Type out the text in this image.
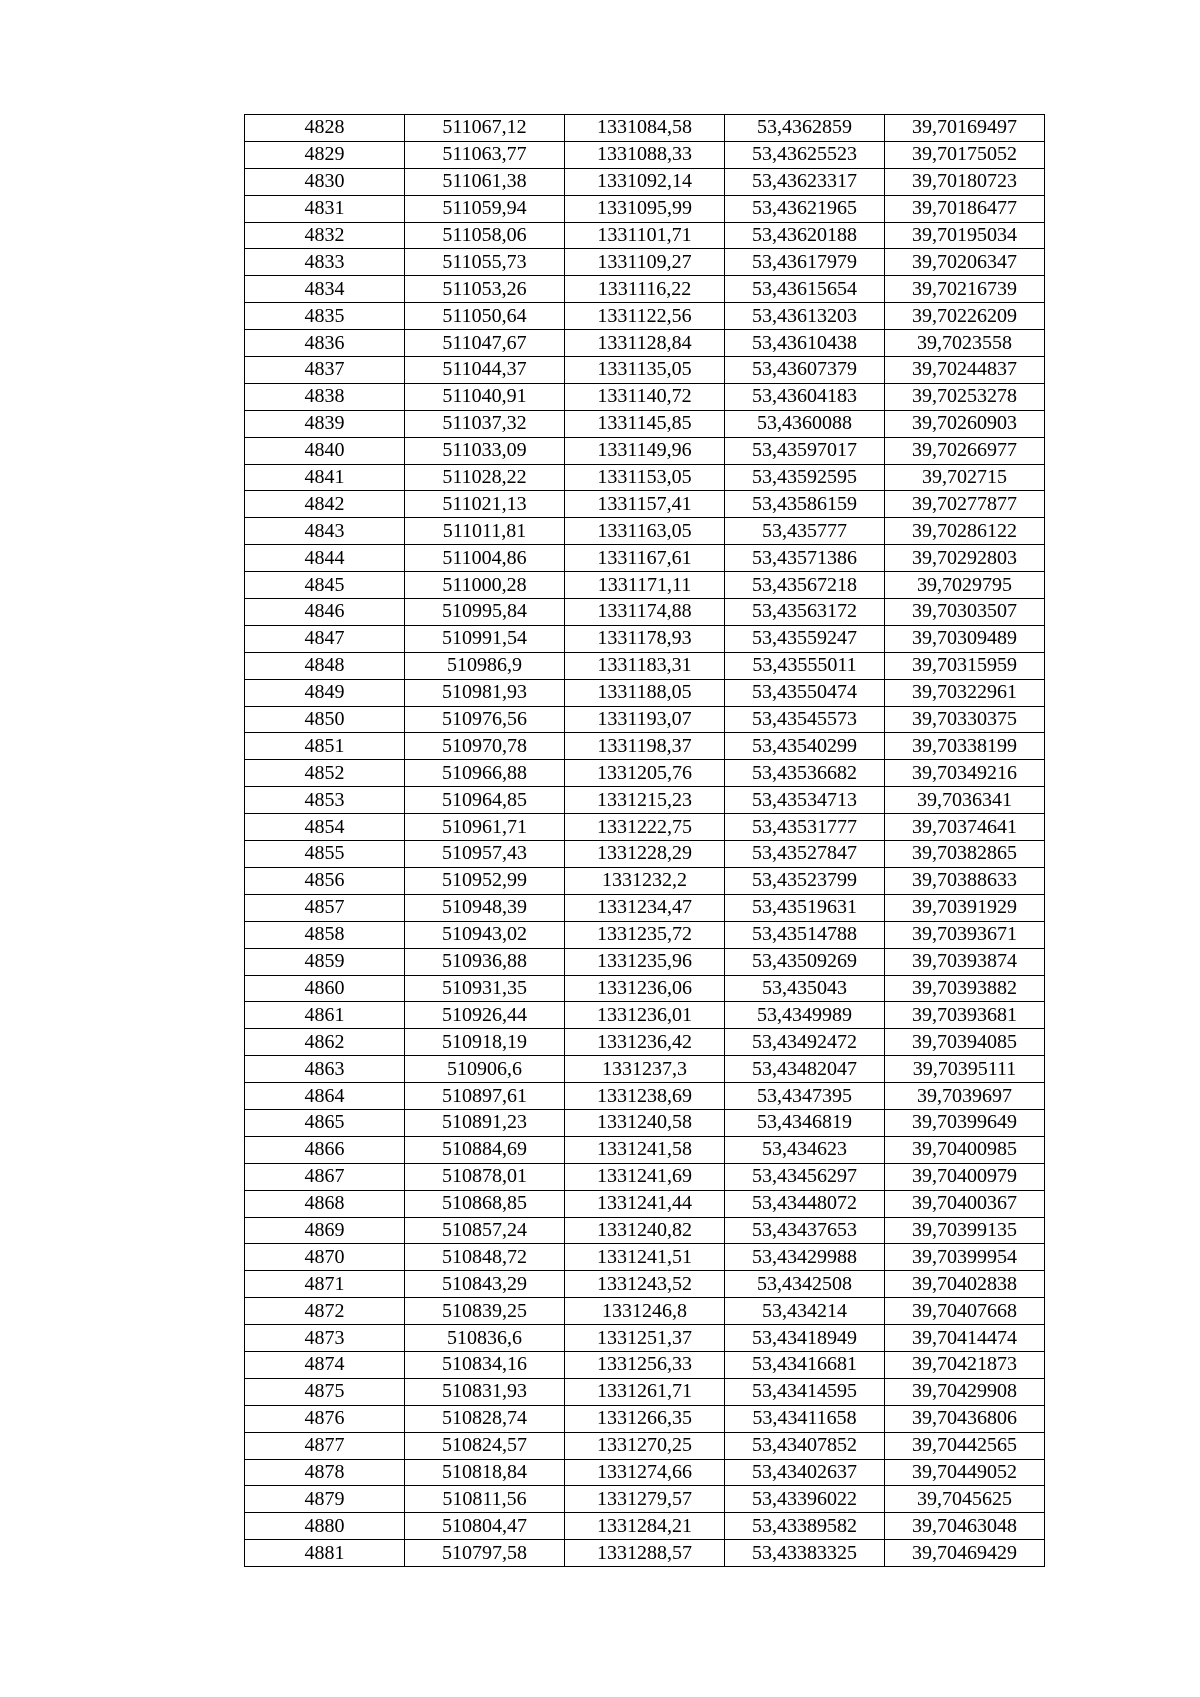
4828	511067,12	1331084,58	53,4362859	39,70169497
4829	511063,77	1331088,33	53,43625523	39,70175052
4830	511061,38	1331092,14	53,43623317	39,70180723
4831	511059,94	1331095,99	53,43621965	39,70186477
4832	511058,06	1331101,71	53,43620188	39,70195034
4833	511055,73	1331109,27	53,43617979	39,70206347
4834	511053,26	1331116,22	53,43615654	39,70216739
4835	511050,64	1331122,56	53,43613203	39,70226209
4836	511047,67	1331128,84	53,43610438	39,7023558
4837	511044,37	1331135,05	53,43607379	39,70244837
4838	511040,91	1331140,72	53,43604183	39,70253278
4839	511037,32	1331145,85	53,4360088	39,70260903
4840	511033,09	1331149,96	53,43597017	39,70266977
4841	511028,22	1331153,05	53,43592595	39,702715
4842	511021,13	1331157,41	53,43586159	39,70277877
4843	511011,81	1331163,05	53,435777	39,70286122
4844	511004,86	1331167,61	53,43571386	39,70292803
4845	511000,28	1331171,11	53,43567218	39,7029795
4846	510995,84	1331174,88	53,43563172	39,70303507
4847	510991,54	1331178,93	53,43559247	39,70309489
4848	510986,9	1331183,31	53,43555011	39,70315959
4849	510981,93	1331188,05	53,43550474	39,70322961
4850	510976,56	1331193,07	53,43545573	39,70330375
4851	510970,78	1331198,37	53,43540299	39,70338199
4852	510966,88	1331205,76	53,43536682	39,70349216
4853	510964,85	1331215,23	53,43534713	39,7036341
4854	510961,71	1331222,75	53,43531777	39,70374641
4855	510957,43	1331228,29	53,43527847	39,70382865
4856	510952,99	1331232,2	53,43523799	39,70388633
4857	510948,39	1331234,47	53,43519631	39,70391929
4858	510943,02	1331235,72	53,43514788	39,70393671
4859	510936,88	1331235,96	53,43509269	39,70393874
4860	510931,35	1331236,06	53,435043	39,70393882
4861	510926,44	1331236,01	53,4349989	39,70393681
4862	510918,19	1331236,42	53,43492472	39,70394085
4863	510906,6	1331237,3	53,43482047	39,70395111
4864	510897,61	1331238,69	53,4347395	39,7039697
4865	510891,23	1331240,58	53,4346819	39,70399649
4866	510884,69	1331241,58	53,434623	39,70400985
4867	510878,01	1331241,69	53,43456297	39,70400979
4868	510868,85	1331241,44	53,43448072	39,70400367
4869	510857,24	1331240,82	53,43437653	39,70399135
4870	510848,72	1331241,51	53,43429988	39,70399954
4871	510843,29	1331243,52	53,4342508	39,70402838
4872	510839,25	1331246,8	53,434214	39,70407668
4873	510836,6	1331251,37	53,43418949	39,70414474
4874	510834,16	1331256,33	53,43416681	39,70421873
4875	510831,93	1331261,71	53,43414595	39,70429908
4876	510828,74	1331266,35	53,43411658	39,70436806
4877	510824,57	1331270,25	53,43407852	39,70442565
4878	510818,84	1331274,66	53,43402637	39,70449052
4879	510811,56	1331279,57	53,43396022	39,7045625
4880	510804,47	1331284,21	53,43389582	39,70463048
4881	510797,58	1331288,57	53,43383325	39,70469429
